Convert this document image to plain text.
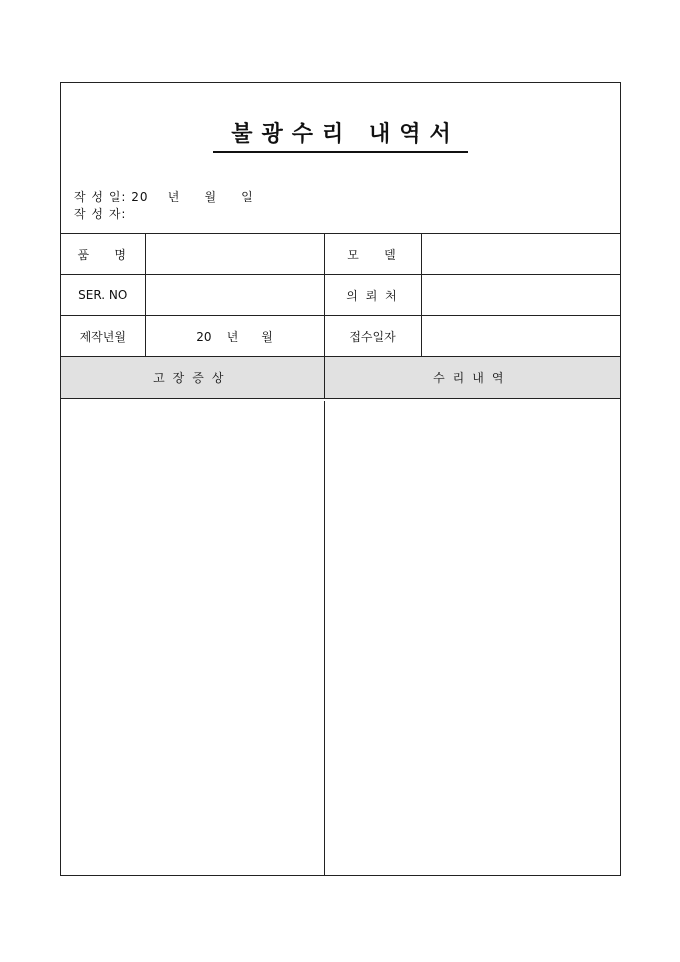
불광수리 내역서
작 성 일: 20    년     월     일
작 성 자:
품    명		모    델	
SER. NO		의 뢰 처	
제작년월	20    년      월	접수일자	
고장증상		수리내역	
